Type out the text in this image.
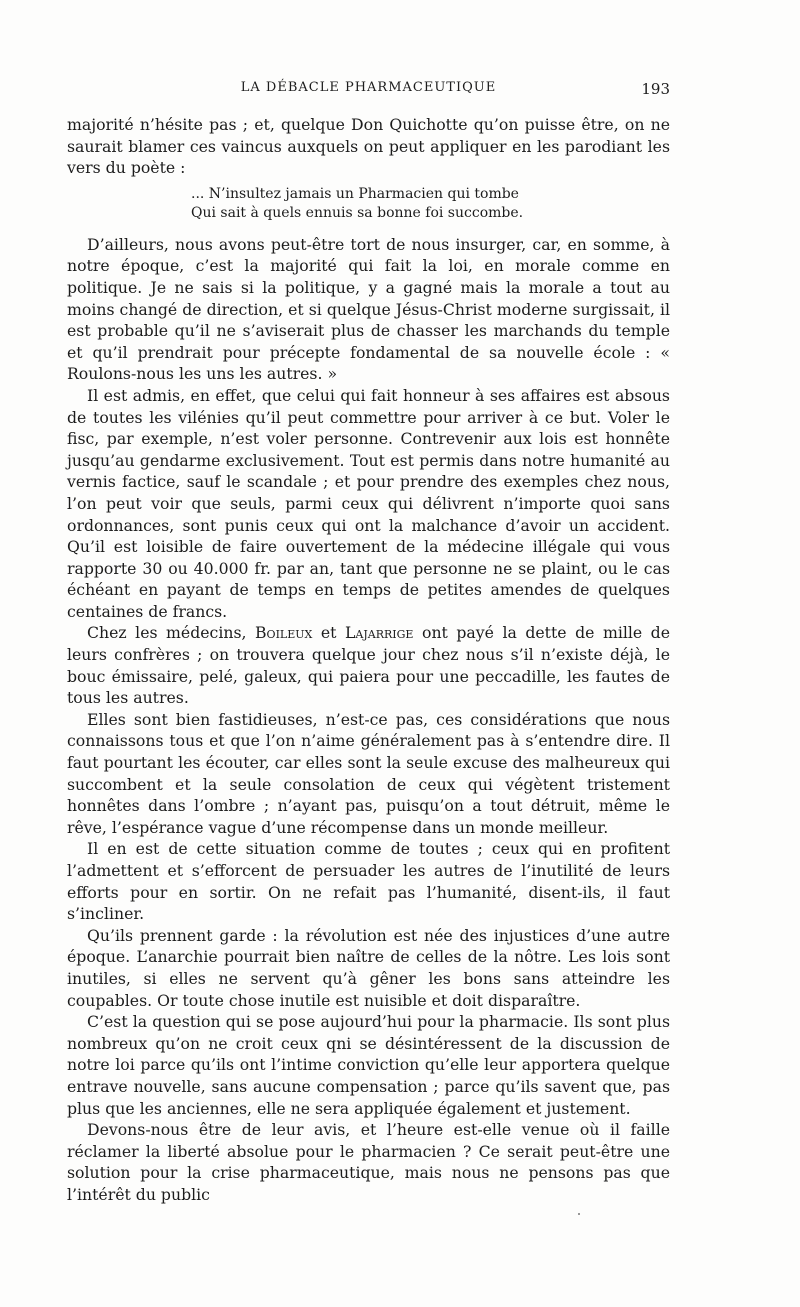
LA DÉBACLE PHARMACEUTIQUE	193

majorité n’hésite pas ; et, quelque Don Quichotte qu’on puisse être, on ne saurait blamer ces vaincus auxquels on peut appliquer en les parodiant les vers du poète :

... N’insultez jamais un Pharmacien qui tombe
Qui sait à quels ennuis sa bonne foi succombe.

D’ailleurs, nous avons peut-être tort de nous insurger, car, en somme, à notre époque, c’est la majorité qui fait la loi, en morale comme en politique. Je ne sais si la politique, y a gagné mais la morale a tout au moins changé de direction, et si quelque Jésus-Christ moderne surgissait, il est probable qu’il ne s’aviserait plus de chasser les marchands du temple et qu’il prendrait pour précepte fondamental de sa nouvelle école : « Roulons-nous les uns les autres. »

Il est admis, en effet, que celui qui fait honneur à ses affaires est absous de toutes les vilénies qu’il peut commettre pour arriver à ce but. Voler le fisc, par exemple, n’est voler personne. Contrevenir aux lois est honnête jusqu’au gendarme exclusivement. Tout est permis dans notre humanité au vernis factice, sauf le scandale ; et pour prendre des exemples chez nous, l’on peut voir que seuls, parmi ceux qui délivrent n’importe quoi sans ordonnances, sont punis ceux qui ont la malchance d’avoir un accident. Qu’il est loisible de faire ouvertement de la médecine illégale qui vous rapporte 30 ou 40.000 fr. par an, tant que personne ne se plaint, ou le cas échéant en payant de temps en temps de petites amendes de quelques centaines de francs.

Chez les médecins, Boileux et Lajarrige ont payé la dette de mille de leurs confrères ; on trouvera quelque jour chez nous s’il n’existe déjà, le bouc émissaire, pelé, galeux, qui paiera pour une peccadille, les fautes de tous les autres.

Elles sont bien fastidieuses, n’est-ce pas, ces considérations que nous connaissons tous et que l’on n’aime généralement pas à s’entendre dire. Il faut pourtant les écouter, car elles sont la seule excuse des malheureux qui succombent et la seule consolation de ceux qui végètent tristement honnêtes dans l’ombre ; n’ayant pas, puisqu’on a tout détruit, même le rêve, l’espérance vague d’une récompense dans un monde meilleur.

Il en est de cette situation comme de toutes ; ceux qui en profitent l’admettent et s’efforcent de persuader les autres de l’inutilité de leurs efforts pour en sortir. On ne refait pas l’humanité, disent-ils, il faut s’incliner.

Qu’ils prennent garde : la révolution est née des injustices d’une autre époque. L’anarchie pourrait bien naître de celles de la nôtre. Les lois sont inutiles, si elles ne servent qu’à gêner les bons sans atteindre les coupables. Or toute chose inutile est nuisible et doit disparaître.

C’est la question qui se pose aujourd’hui pour la pharmacie. Ils sont plus nombreux qu’on ne croit ceux qni se désintéressent de la discussion de notre loi parce qu’ils ont l’intime conviction qu’elle leur apportera quelque entrave nouvelle, sans aucune compensation ; parce qu’ils savent que, pas plus que les anciennes, elle ne sera appliquée également et justement.

Devons-nous être de leur avis, et l’heure est-elle venue où il faille réclamer la liberté absolue pour le pharmacien ? Ce serait peut-être une solution pour la crise pharmaceutique, mais nous ne pensons pas que l’intérêt du public
